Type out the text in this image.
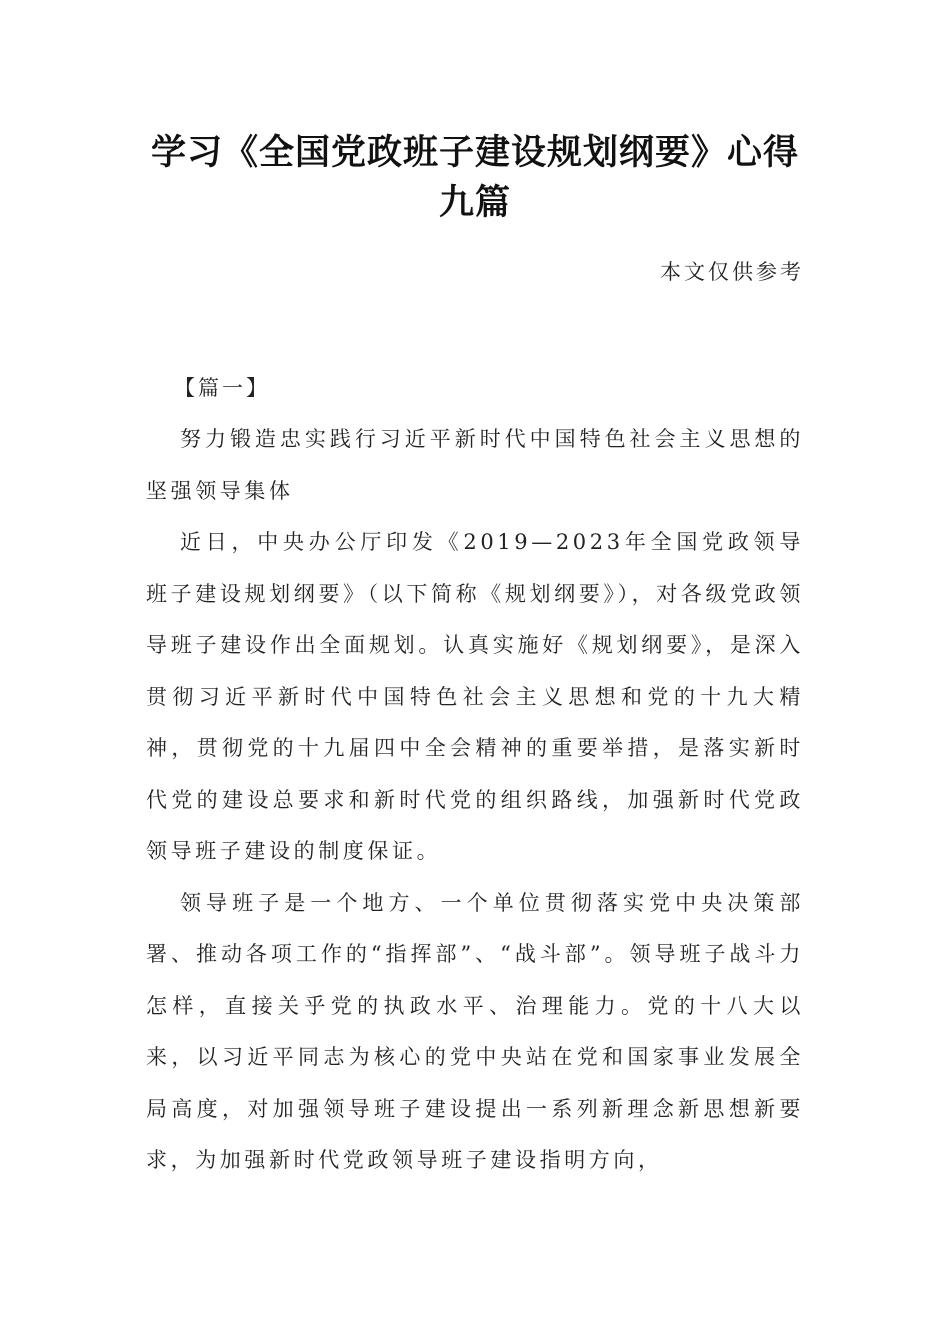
学习《全国党政班子建设规划纲要》心得
九篇

本文仅供参考

【篇一】

努力锻造忠实践行习近平新时代中国特色社会主义思想的坚强领导集体

近日，中央办公厅印发《2019—2023年全国党政领导班子建设规划纲要》（以下简称《规划纲要》），对各级党政领导班子建设作出全面规划。认真实施好《规划纲要》，是深入贯彻习近平新时代中国特色社会主义思想和党的十九大精神，贯彻党的十九届四中全会精神的重要举措，是落实新时代党的建设总要求和新时代党的组织路线，加强新时代党政领导班子建设的制度保证。

领导班子是一个地方、一个单位贯彻落实党中央决策部署、推动各项工作的“指挥部”、“战斗部”。领导班子战斗力怎样，直接关乎党的执政水平、治理能力。党的十八大以来，以习近平同志为核心的党中央站在党和国家事业发展全局高度，对加强领导班子建设提出一系列新理念新思想新要求，为加强新时代党政领导班子建设指明方向，
